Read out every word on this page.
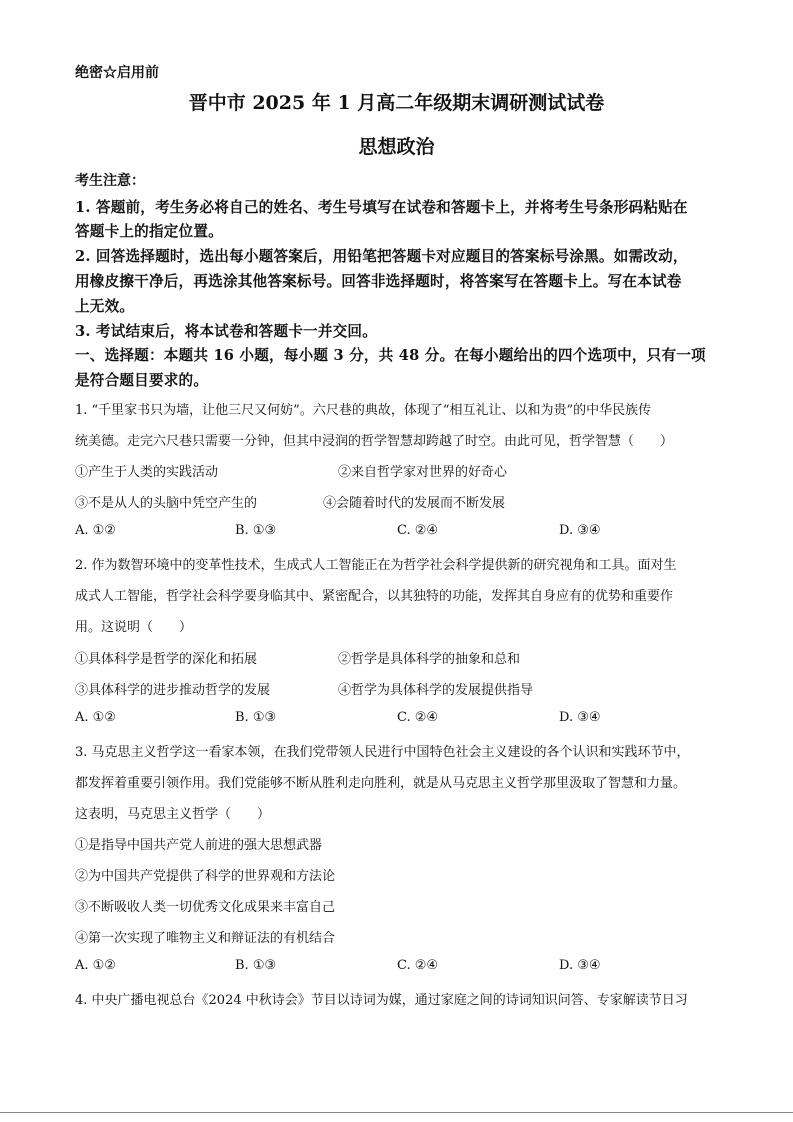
绝密☆启用前
晋中市 2025 年 1 月高二年级期末调研测试试卷
思想政治
考生注意：
1. 答题前，考生务必将自己的姓名、考生号填写在试卷和答题卡上，并将考生号条形码粘贴在
答题卡上的指定位置。
2. 回答选择题时，选出每小题答案后，用铅笔把答题卡对应题目的答案标号涂黑。如需改动，
用橡皮擦干净后，再选涂其他答案标号。回答非选择题时，将答案写在答题卡上。写在本试卷
上无效。
3. 考试结束后，将本试卷和答题卡一并交回。
一、选择题：本题共 16 小题，每小题 3 分，共 48 分。在每小题给出的四个选项中，只有一项
是符合题目要求的。
1. “千里家书只为墙，让他三尺又何妨”。六尺巷的典故，体现了“相互礼让、以和为贵”的中华民族传
统美德。走完六尺巷只需要一分钟，但其中浸润的哲学智慧却跨越了时空。由此可见，哲学智慧（　　）
①产生于人类的实践活动	②来自哲学家对世界的好奇心
③不是从人的头脑中凭空产生的	④会随着时代的发展而不断发展
A. ①②	B. ①③	C. ②④	D. ③④
2. 作为数智环境中的变革性技术，生成式人工智能正在为哲学社会科学提供新的研究视角和工具。面对生
成式人工智能，哲学社会科学要身临其中、紧密配合，以其独特的功能，发挥其自身应有的优势和重要作
用。这说明（　　）
①具体科学是哲学的深化和拓展	②哲学是具体科学的抽象和总和
③具体科学的进步推动哲学的发展	④哲学为具体科学的发展提供指导
A. ①②	B. ①③	C. ②④	D. ③④
3. 马克思主义哲学这一看家本领，在我们党带领人民进行中国特色社会主义建设的各个认识和实践环节中，
都发挥着重要引领作用。我们党能够不断从胜利走向胜利，就是从马克思主义哲学那里汲取了智慧和力量。
这表明，马克思主义哲学（　　）
①是指导中国共产党人前进的强大思想武器
②为中国共产党提供了科学的世界观和方法论
③不断吸收人类一切优秀文化成果来丰富自己
④第一次实现了唯物主义和辩证法的有机结合
A. ①②	B. ①③	C. ②④	D. ③④
4. 中央广播电视总台《2024 中秋诗会》节目以诗词为媒，通过家庭之间的诗词知识问答、专家解读节日习
